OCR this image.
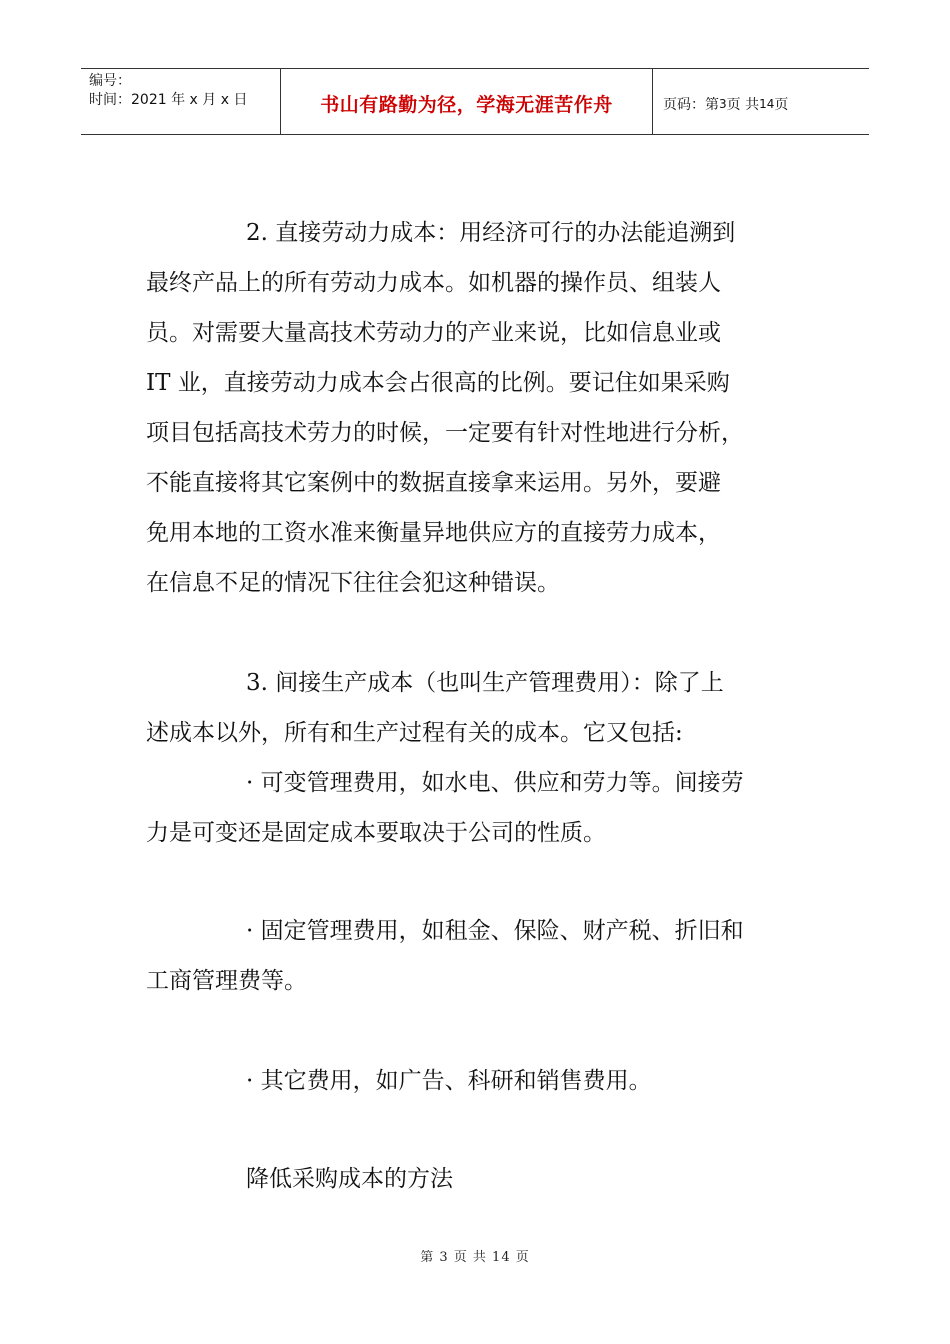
编号：
时间：2021 年 x 月 x 日	书山有路勤为径，学海无涯苦作舟	页码：第 3 页 共 14 页
2. 直接劳动力成本：用经济可行的办法能追溯到
最终产品上的所有劳动力成本。如机器的操作员、组装人
员。对需要大量高技术劳动力的产业来说，比如信息业或
IT 业，直接劳动力成本会占很高的比例。要记住如果采购
项目包括高技术劳力的时候，一定要有针对性地进行分析，
不能直接将其它案例中的数据直接拿来运用。另外，要避
免用本地的工资水准来衡量异地供应方的直接劳力成本，
在信息不足的情况下往往会犯这种错误。
3. 间接生产成本（也叫生产管理费用）：除了上
述成本以外，所有和生产过程有关的成本。它又包括:
· 可变管理费用，如水电、供应和劳力等。间接劳
力是可变还是固定成本要取决于公司的性质。
· 固定管理费用，如租金、保险、财产税、折旧和
工商管理费等。
· 其它费用，如广告、科研和销售费用。
降低采购成本的方法
第 3 页 共 14 页
